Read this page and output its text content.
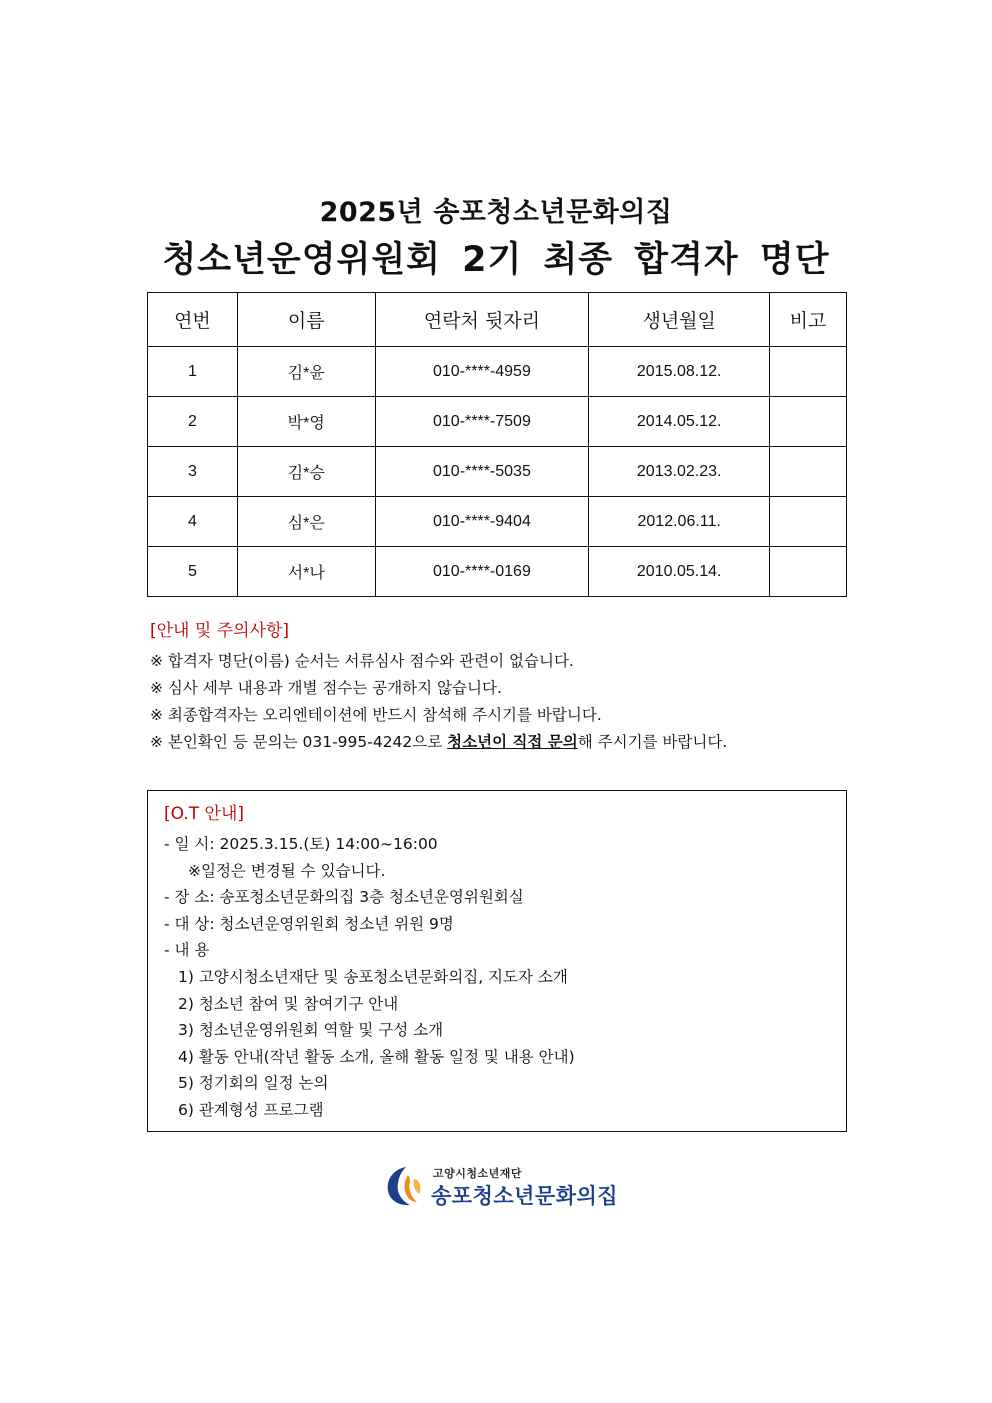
2025년 송포청소년문화의집
청소년운영위원회 2기 최종 합격자 명단
연번	이름	연락처 뒷자리	생년월일	비고
1	김*윤	010-****-4959	2015.08.12.	
2	박*영	010-****-7509	2014.05.12.	
3	김*승	010-****-5035	2013.02.23.	
4	심*은	010-****-9404	2012.06.11.	
5	서*나	010-****-0169	2010.05.14.	
[안내 및 주의사항]
※ 합격자 명단(이름) 순서는 서류심사 점수와 관련이 없습니다.
※ 심사 세부 내용과 개별 점수는 공개하지 않습니다.
※ 최종합격자는 오리엔테이션에 반드시 참석해 주시기를 바랍니다.
※ 본인확인 등 문의는 031-995-4242으로 청소년이 직접 문의해 주시기를 바랍니다.
[O.T 안내]
- 일 시: 2025.3.15.(토) 14:00~16:00
※일정은 변경될 수 있습니다.
- 장 소: 송포청소년문화의집 3층 청소년운영위원회실
- 대 상: 청소년운영위원회 청소년 위원 9명
- 내 용
1) 고양시청소년재단 및 송포청소년문화의집, 지도자 소개
2) 청소년 참여 및 참여기구 안내
3) 청소년운영위원회 역할 및 구성 소개
4) 활동 안내(작년 활동 소개, 올해 활동 일정 및 내용 안내)
5) 정기회의 일정 논의
6) 관계형성 프로그램
고양시청소년재단
송포청소년문화의집
